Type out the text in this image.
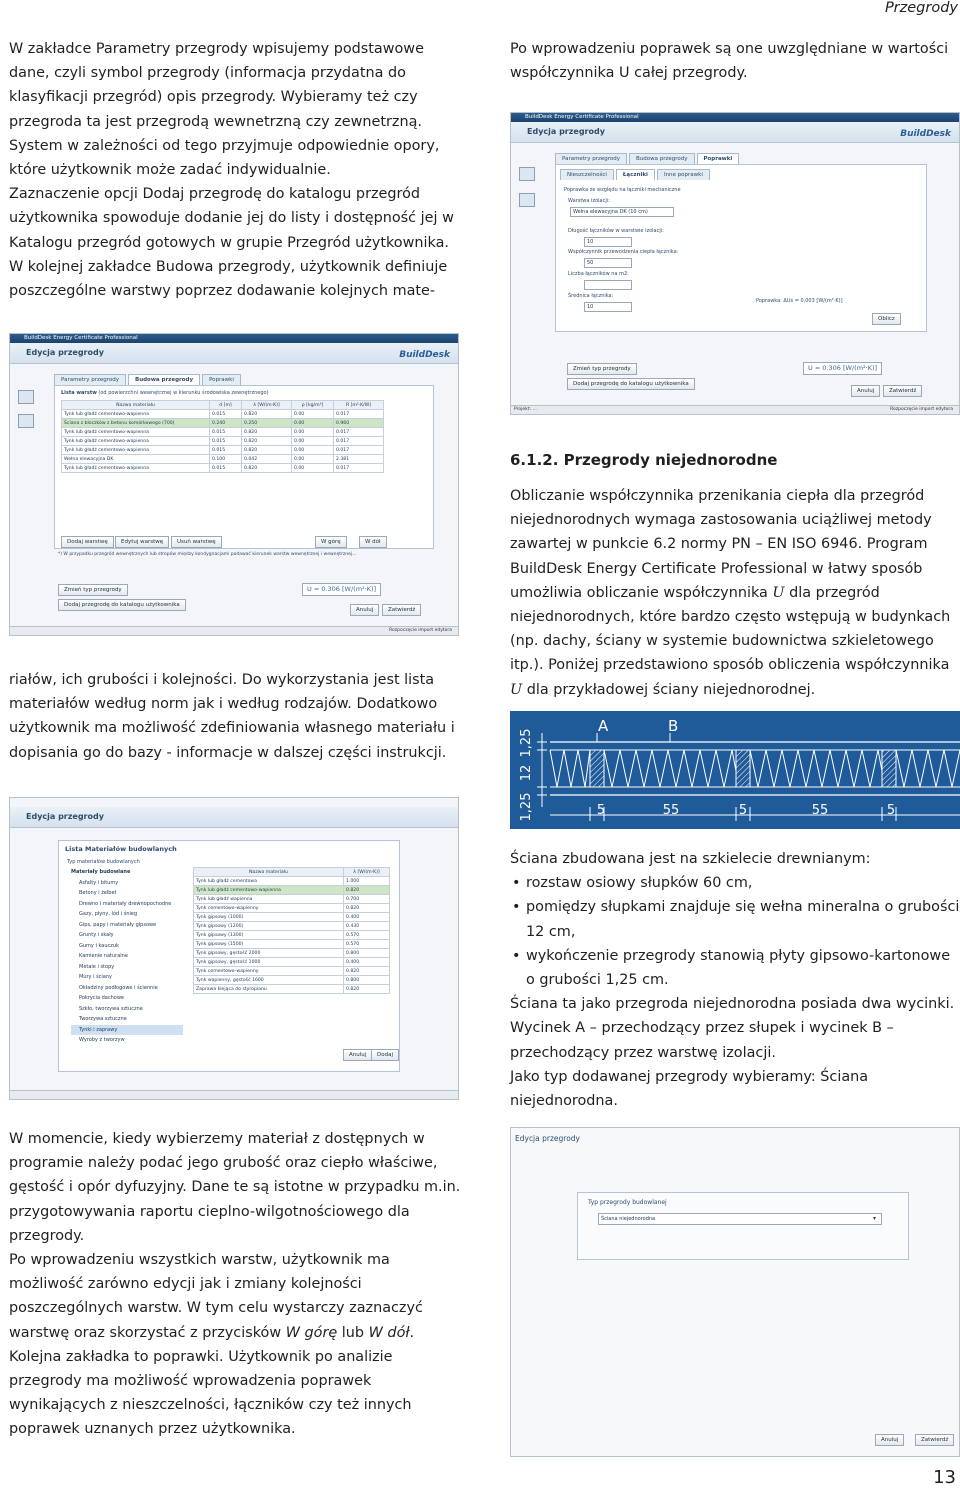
Przegrody

W zakładce Parametry przegrody wpisujemy podstawowe dane, czyli symbol przegrody (informacja przydatna do klasyfikacji przegród) opis przegrody. Wybieramy też czy przegroda ta jest przegrodą wewnetrzną czy zewnetrzną. System w zależności od tego przyjmuje odpowiednie opory, które użytkownik może zadać indywidualnie.

Zaznaczenie opcji Dodaj przegrodę do katalogu przegród użytkownika spowoduje dodanie jej do listy i dostępność jej w Katalogu przegród gotowych w grupie Przegród użytkownika.

W kolejnej zakładce Budowa przegrody, użytkownik definiuje poszczególne warstwy poprzez dodawanie kolejnych mate-

riałów, ich grubości i kolejności. Do wykorzystania jest lista materiałów według norm jak i według rodzajów. Dodatkowo użytkownik ma możliwość zdefiniowania własnego materiału i dopisania go do bazy - informacje w dalszej części instrukcji.

W momencie, kiedy wybierzemy materiał z dostępnych w programie należy podać jego grubość oraz ciepło właściwe, gęstość i opór dyfuzyjny. Dane te są istotne w przypadku m.in. przygotowywania raportu cieplno-wilgotnościowego dla przegrody.

Po wprowadzeniu wszystkich warstw, użytkownik ma możliwość zarówno edycji jak i zmiany kolejności poszczególnych warstw. W tym celu wystarczy zaznaczyć warstwę oraz skorzystać z przycisków W górę lub W dół.

Kolejna zakładka to poprawki. Użytkownik po analizie przegrody ma możliwość wprowadzenia poprawek wynikających z nieszczelności, łączników czy też innych poprawek uznanych przez użytkownika.

Po wprowadzeniu poprawek są one uwzględniane w wartości współczynnika U całej przegrody.

6.1.2. Przegrody niejednorodne

Obliczanie współczynnika przenikania ciepła dla przegród niejednorodnych wymaga zastosowania uciążliwej metody zawartej w punkcie 6.2 normy PN – EN ISO 6946. Program BuildDesk Energy Certificate Professional w łatwy sposób umożliwia obliczanie współczynnika U dla przegród niejednorodnych, które bardzo często wstępują w budynkach (np. dachy, ściany w systemie budownictwa szkieletowego itp.). Poniżej przedstawiono sposób obliczenia współczynnika U dla przykładowej ściany niejednorodnej.

1,25
12
1,25
A	B
5	55	5	55	5

Ściana zbudowana jest na szkielecie drewnianym:

• rozstaw osiowy słupków 60 cm,
• pomiędzy słupkami znajduje się wełna mineralna o grubości 12 cm,
• wykończenie przegrody stanowią płyty gipsowo-kartonowe o grubości 1,25 cm.

Ściana ta jako przegroda niejednorodna posiada dwa wycinki. Wycinek A – przechodzący przez słupek i wycinek B – przechodzący przez warstwę izolacji.

Jako typ dodawanej przegrody wybieramy: Ściana niejednorodna.

BuildDesk Energy Certificate Professional
Edycja przegrody	BuildDesk
Parametry przegrody	Budowa przegrody	Poprawki
Nieszczelności	Łączniki	Inne poprawki
Poprawka ze względu na łączniki mechaniczne
Warstwa izolacji:
Wełna elewacyjna DK (10 cm)
Długość łączników w warstwie izolacji:
10
Współczynnik przewodzenia ciepła łącznika:
50
Liczba łączników na m2:
Średnica łącznika:
10
Poprawka: ΔUs = 0,003 [W/(m²·K)]
Oblicz
Zmień typ przegrody
Dodaj przegrodę do katalogu użytkownika
U = 0.306 [W/(m²·K)]
Anuluj	Zatwierdź
Projekt: ...	Rozpoczęcie import edytora
BuildDesk Energy Certificate Professional
Edycja przegrody	BuildDesk
Parametry przegrody	Budowa przegrody	Poprawki
Lista warstw (od powierzchni wewnętrznej w kierunku środowiska zewnętrznego)
Nazwa materiału	d [m]	λ [W/(m·K)]	ρ [kg/m³]	R [m²·K/W]
Tynk lub gładź cementowo-wapienna	0.015	0.820	0.00	0.017
Ściana z bloczków z betonu komórkowego (700)	0.240	0.250	0.00	0.960
Tynk lub gładź cementowo-wapienna	0.015	0.820	0.00	0.017
Tynk lub gładź cementowo-wapienna	0.015	0.820	0.00	0.017
Tynk lub gładź cementowo-wapienna	0.015	0.820	0.00	0.017
Wełna elewacyjna DK	0.100	0.042	0.00	2.381
Tynk lub gładź cementowo-wapienna	0.015	0.820	0.00	0.017
Dodaj warstwę	Edytuj warstwę	Usuń warstwę	W górę	W dół
*) W przypadku przegród wewnętrznych lub stropów między kondygnacjami podawać kierunek warstw wewnętrznej i wewnętrznej...
Zmień typ przegrody
Dodaj przegrodę do katalogu użytkownika
U = 0.306 [W/(m²·K)]
Anuluj	Zatwierdź
Rozpoczęcie import edytora
Edycja przegrody
Lista Materiałów budowlanych
Typ materiałów budowlanych
Materiały budowlane
Asfalty i bitumy
Betony i żelbet
Drewno i materiały drewnopochodne
Gazy, płyny, lód i śnieg
Gips, papy i materiały gipsowe
Grunty i skały
Gumy i kauczuk
Kamienie naturalne
Metale i stopy
Mury i ściany
Okładziny podłogowe i ściennie
Pokrycia dachowe
Szkło, tworzywa sztuczne
Tworzywa sztuczne
Tynki i zaprawy
Wyroby z tworzyw
Nazwa materiału	λ [W/(m·K)]
Tynk lub gładź cementowa	1.000
Tynk lub gładź cementowo-wapienna	0.820
Tynk lub gładź wapienna	0.700
Tynk cementowo-wapienny	0.820
Tynk gipsowy (1000)	0.400
Tynk gipsowy (1200)	0.430
Tynk gipsowy (1300)	0.570
Tynk gipsowy (1500)	0.570
Tynk gipsowy, gęstość 2000	0.800
Tynk gipsowy, gęstość 1000	0.400
Tynk cementowo-wapienny	0.820
Tynk wapienny, gęstość 1600	0.800
Zaprawa klejąca do styropianu	0.820
Anuluj	Dodaj
Edycja przegrody
Typ przegrody budowlanej
Ściana niejednorodna	▾
Anuluj	Zatwierdź
13
